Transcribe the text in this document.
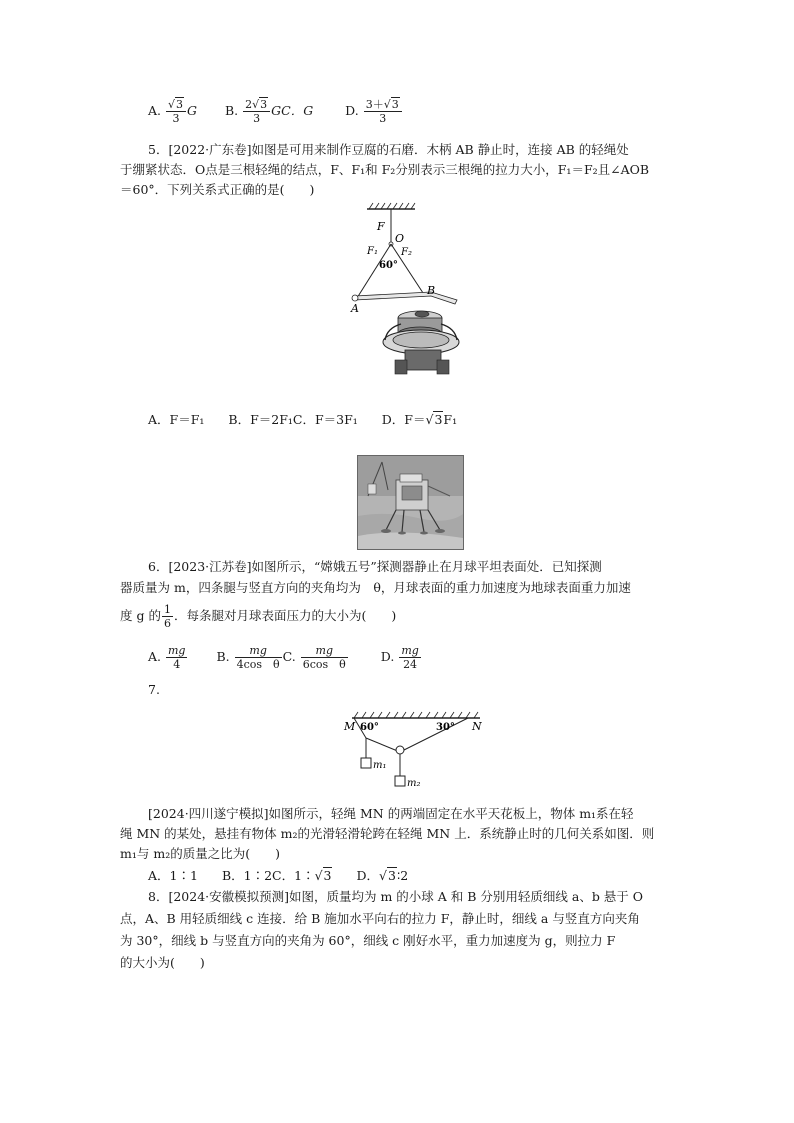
A. $\frac{√3}{3}$ G B. $\frac{2√3}{3}$ GC．G	D. $\frac{3+√3}{3}$
5．[2022·广东卷]如图是可用来制作豆腐的石磨．木柄 AB 静止时，连接 AB 的轻绳处
于绷紧状态．O点是三根轻绳的结点，F、F₁和 F₂分别表示三根绳的拉力大小，F₁＝F₂且∠AOB
＝60°．下列关系式正确的是(　　)
F
O
F₁ F₂
60°
A
B
A．F＝F₁ B．F＝2F₁C．F＝3F₁ D．F＝√3F₁
6．[2023·江苏卷]如图所示，“嫦娥五号”探测器静止在月球平坦表面处．已知探测
器质量为 m，四条腿与竖直方向的夹角均为　θ，月球表面的重力加速度为地球表面重力加速
度 g 的 $\frac{1}{6}$ ．每条腿对月球表面压力的大小为(　　)
A. $\frac{mg}{4} B$. $\frac{mg}{\text{4cos　θ}} C$. $\frac{mg}{\text{6cos　θ}}$	D. $\frac{mg}{24}$
7.
M	N
60°	30°
m₁
m₂
[2024·四川遂宁模拟]如图所示，轻绳 MN 的两端固定在水平天花板上，物体 m₁系在轻
绳 MN 的某处，悬挂有物体 m₂的光滑轻滑轮跨在轻绳 MN 上．系统静止时的几何关系如图．则
m₁与 m₂的质量之比为(　　)
A．1∶1 B．1∶2C．1∶√3 D．√3∶2
8．[2024·安徽模拟预测]如图，质量均为 m 的小球 A 和 B 分别用轻质细线 a、b 悬于 O
点，A、B 用轻质细线 c 连接．给 B 施加水平向右的拉力 F，静止时，细线 a 与竖直方向夹角
为 30°，细线 b 与竖直方向的夹角为 60°，细线 c 刚好水平，重力加速度为 g，则拉力 F
的大小为(　　)
